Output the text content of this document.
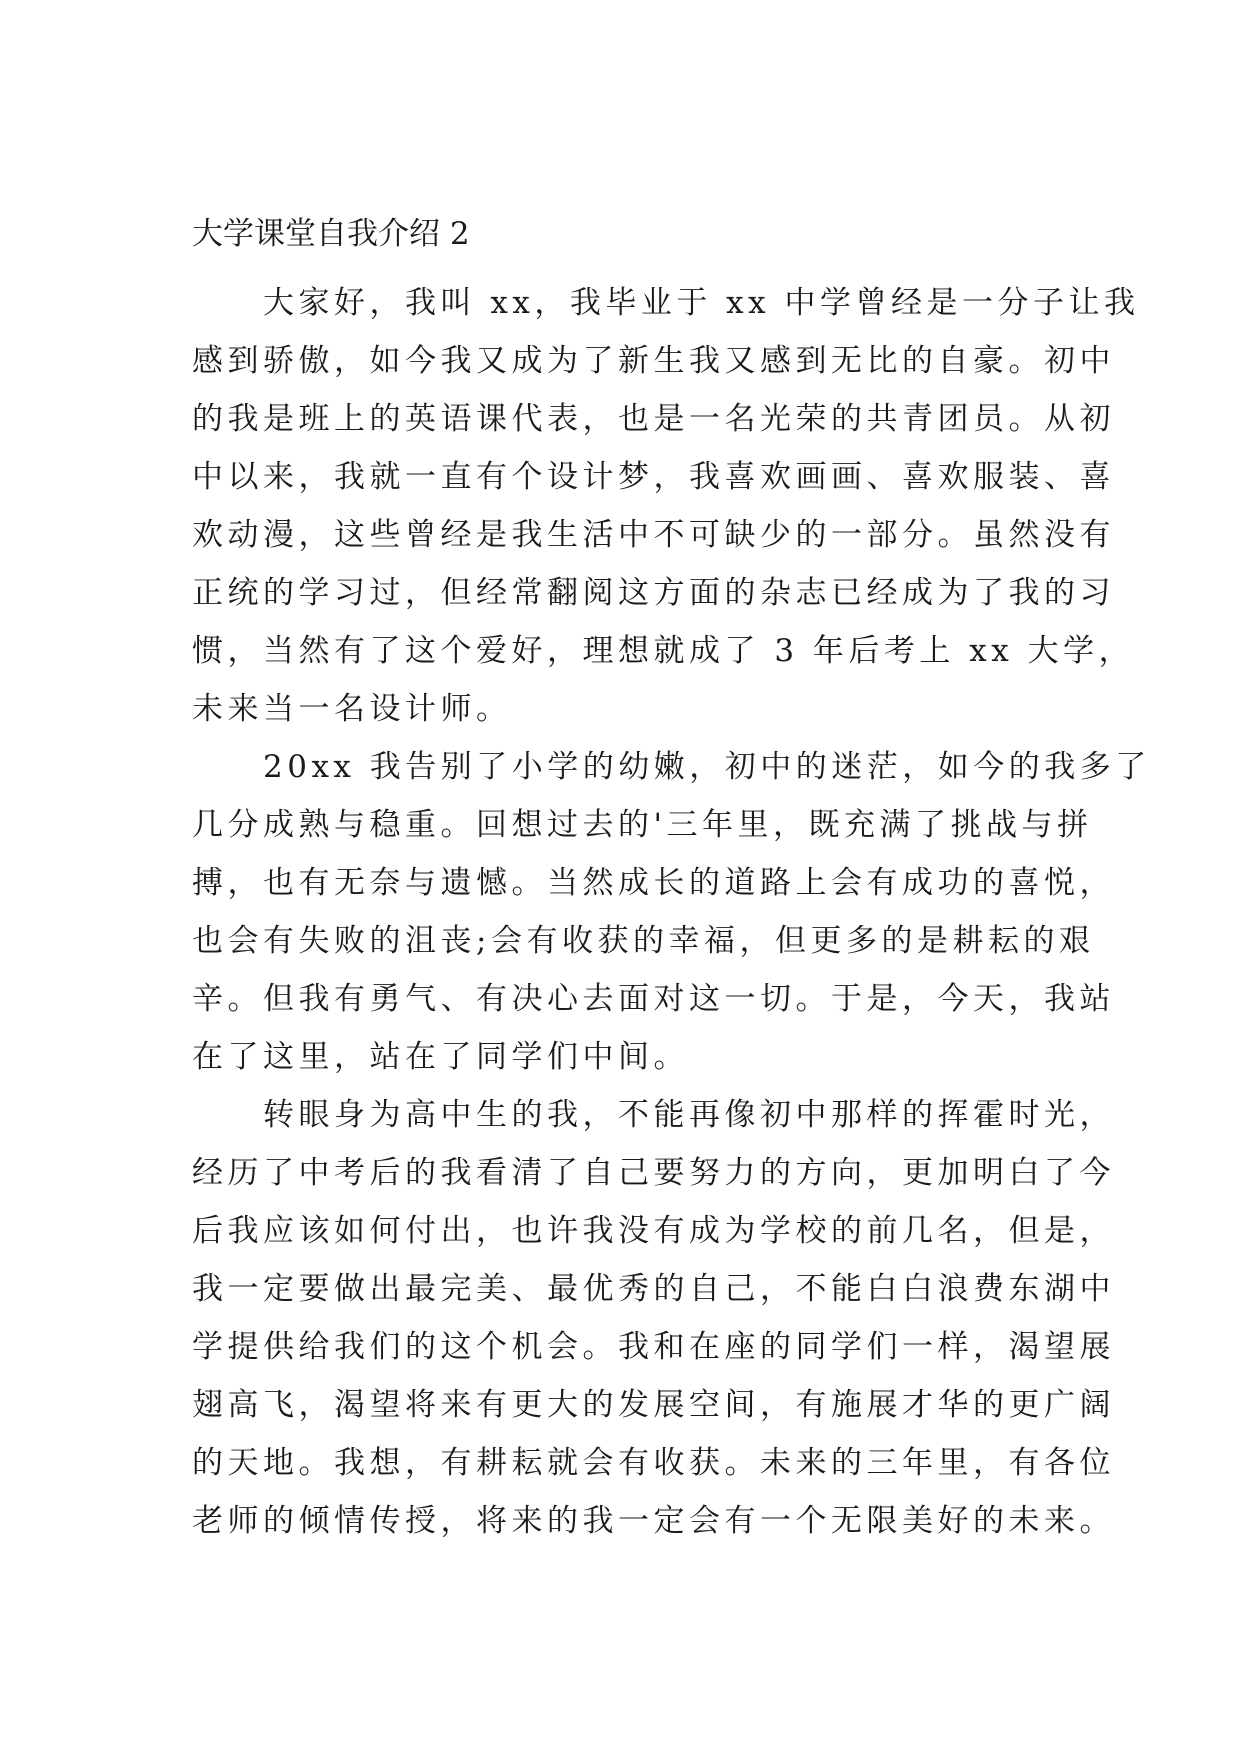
大学课堂自我介绍 2
　　大家好，我叫 xx，我毕业于 xx 中学曾经是一分子让我
感到骄傲，如今我又成为了新生我又感到无比的自豪。初中
的我是班上的英语课代表，也是一名光荣的共青团员。从初
中以来，我就一直有个设计梦，我喜欢画画、喜欢服装、喜
欢动漫，这些曾经是我生活中不可缺少的一部分。虽然没有
正统的学习过，但经常翻阅这方面的杂志已经成为了我的习
惯，当然有了这个爱好，理想就成了 3 年后考上 xx 大学，
未来当一名设计师。
　　20xx 我告别了小学的幼嫩，初中的迷茫，如今的我多了
几分成熟与稳重。回想过去的'三年里，既充满了挑战与拼
搏，也有无奈与遗憾。当然成长的道路上会有成功的喜悦，
也会有失败的沮丧;会有收获的幸福，但更多的是耕耘的艰
辛。但我有勇气、有决心去面对这一切。于是，今天，我站
在了这里，站在了同学们中间。
　　转眼身为高中生的我，不能再像初中那样的挥霍时光，
经历了中考后的我看清了自己要努力的方向，更加明白了今
后我应该如何付出，也许我没有成为学校的前几名，但是，
我一定要做出最完美、最优秀的自己，不能白白浪费东湖中
学提供给我们的这个机会。我和在座的同学们一样，渴望展
翅高飞，渴望将来有更大的发展空间，有施展才华的更广阔
的天地。我想，有耕耘就会有收获。未来的三年里，有各位
老师的倾情传授，将来的我一定会有一个无限美好的未来。
